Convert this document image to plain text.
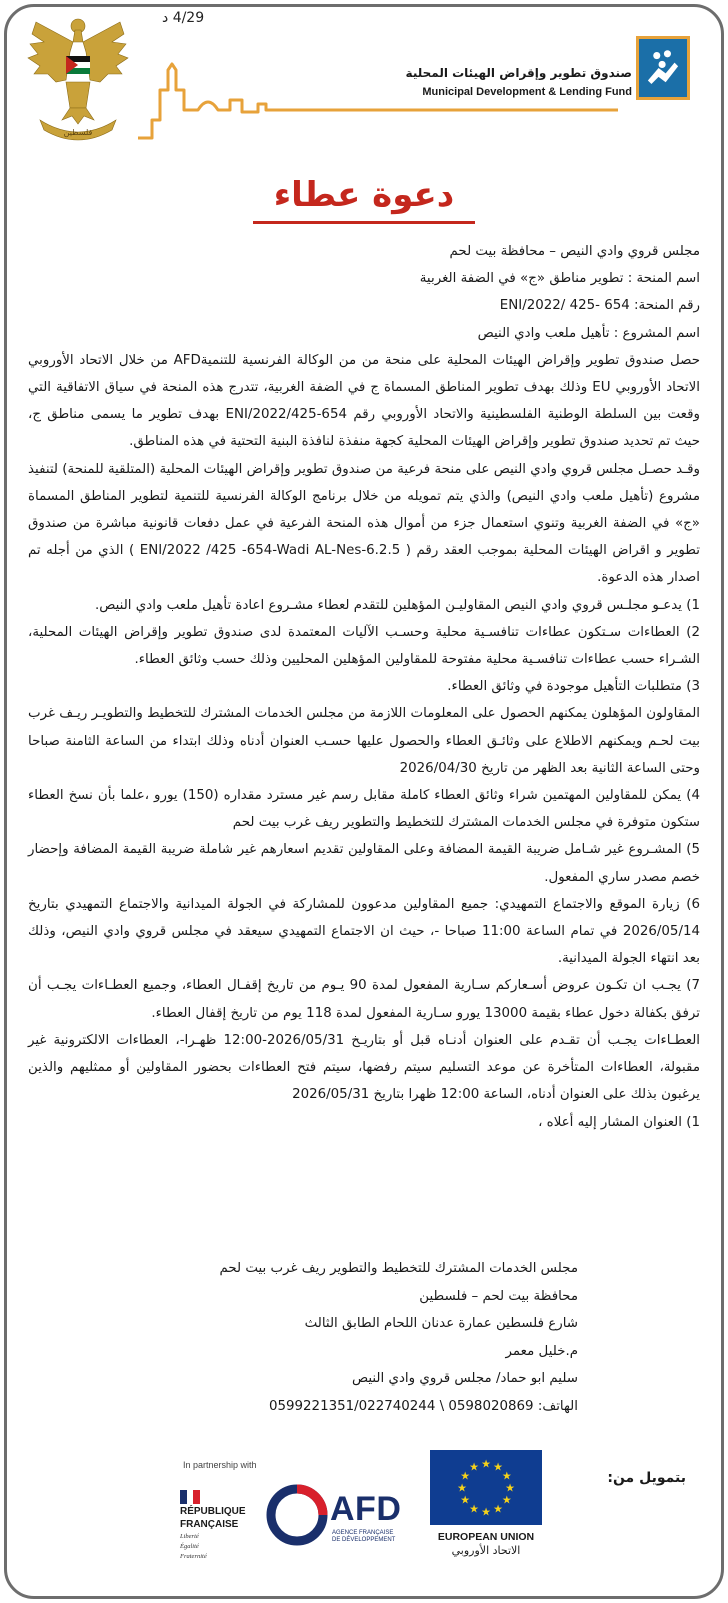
4/29 د
فلسطين
صندوق تطوير وإقراض الهيئات المحلية
Municipal Development & Lending Fund
دعوة عطاء

مجلس قروي وادي النيص – محافظة بيت لحم

اسم المنحة : تطوير مناطق «ج» في الضفة الغربية

رقم المنحة: ENI/2022/ 425- 654

اسم المشروع : تأهيل ملعب وادي النيص

حصل صندوق تطوير وإقراض الهيئات المحلية على منحة من من الوكالة الفرنسية للتنميةAFD من خلال الاتحاد الأوروبي الاتحاد الأوروبي EU وذلك بهدف تطوير المناطق المسماة ج في الضفة الغربية، تتدرج هذه المنحة في سياق الاتفاقية التي وقعت بين السلطة الوطنية الفلسطينية والاتحاد الأوروبي رقم ENI/2022/425-654 بهدف تطوير ما يسمى مناطق ج، حيث تم تحديد صندوق تطوير وإقراض الهيئات المحلية كجهة منفذة لنافذة البنية التحتية في هذه المناطق.

وقـد حصـل مجلس قروي وادي النيص على منحة فرعية من صندوق تطوير وإقراض الهيئات المحلية (المتلقية للمنحة) لتنفيذ مشروع (تأهيل ملعب وادي النيص) والذي يتم تمويله من خلال برنامج الوكالة الفرنسية للتنمية لتطوير المناطق المسماة «ج» في الضفة الغربية وتنوي استعمال جزء من أموال هذه المنحة الفرعية في عمل دفعات قانونية مباشرة من صندوق تطوير و اقراض الهيئات المحلية بموجب العقد رقم ( ENI/2022 /425 -654-Wadi AL-Nes-6.2.5 ) الذي من أجله تم اصدار هذه الدعوة.

1) يدعـو مجلـس قروي وادي النيص المقاوليـن المؤهلين للتقدم لعطاء مشـروع اعادة تأهيل ملعب وادي النيص.

2) العطاءات سـتكون عطاءات تنافسـية محلية وحسـب الآليات المعتمدة لدى صندوق تطوير وإقراض الهيئات المحلية، الشـراء حسب عطاءات تنافسـية محلية مفتوحة للمقاولين المؤهلين المحليين وذلك حسب وثائق العطاء.

3) متطلبات التأهيل موجودة في وثائق العطاء.

المقاولون المؤهلون يمكنهم الحصول على المعلومات اللازمة من مجلس الخدمات المشترك للتخطيط والتطويـر ريـف غرب بيت لحـم ويمكنهم الاطلاع على وثائـق العطاء والحصول عليها حسـب العنوان أدناه وذلك ابتداء من الساعة الثامنة صباحا وحتى الساعة الثانية بعد الظهر من تاريخ 2026/04/30

4) يمكن للمقاولين المهتمين شراء وثائق العطاء كاملة مقابل رسم غير مسترد مقداره (150) يورو ،علما بأن نسخ العطاء ستكون متوفرة في مجلس الخدمات المشترك للتخطيط والتطوير ريف غرب بيت لحم

5) المشـروع غير شـامل ضريبة القيمة المضافة وعلى المقاولين تقديم اسعارهم غير شاملة ضريبة القيمة المضافة وإحضار خصم مصدر ساري المفعول.

6) زيارة الموقع والاجتماع التمهيدي: جميع المقاولين مدعوون للمشاركة في الجولة الميدانية والاجتماع التمهيدي بتاريخ 2026/05/14 في تمام الساعة 11:00 صباحا -، حيث ان الاجتماع التمهيدي سيعقد في مجلس قروي وادي النيص، وذلك بعد انتهاء الجولة الميدانية.

7) يجـب ان تكـون عروض أسـعاركم سـارية المفعول لمدة 90 يـوم من تاريخ إقفـال العطاء، وجميع العطـاءات يجـب أن ترفق بكفالة دخول عطاء بقيمة 13000 يورو سـارية المفعول لمدة 118 يوم من تاريخ إقفال العطاء.

العطـاءات يجـب أن تقـدم على العنوان أدنـاه قبل أو بتاريـخ 2026/05/31-12:00 ظهـرا-، العطاءات الالكترونية غير مقبولة، العطاءات المتأخرة عن موعد التسليم سيتم رفضها، سيتم فتح العطاءات بحضور المقاولين أو ممثليهم والذين يرغبون بذلك على العنوان أدناه، الساعة 12:00 ظهرا بتاريخ 2026/05/31

1) العنوان المشار إليه أعلاه ،

مجلس الخدمات المشترك للتخطيط والتطوير ريف غرب بيت لحم

محافظة بيت لحم – فلسطين

شارع فلسطين عمارة عدنان اللحام الطابق الثالث

م.خليل معمر

سليم ابو حماد/ مجلس قروي وادي النيص

الهاتف: 0598020869 \ 0599221351/022740244

بتمويل من:
★ ★
★
★
★
★
★
★
★
★
★
★
EUROPEAN UNION
الاتحاد الأوروبي
In partnership with
RÉPUBLIQUE
FRANÇAISE
Liberté
Égalité
Fraternité
AFD
AGENCE FRANÇAISE
DE DÉVELOPPEMENT
